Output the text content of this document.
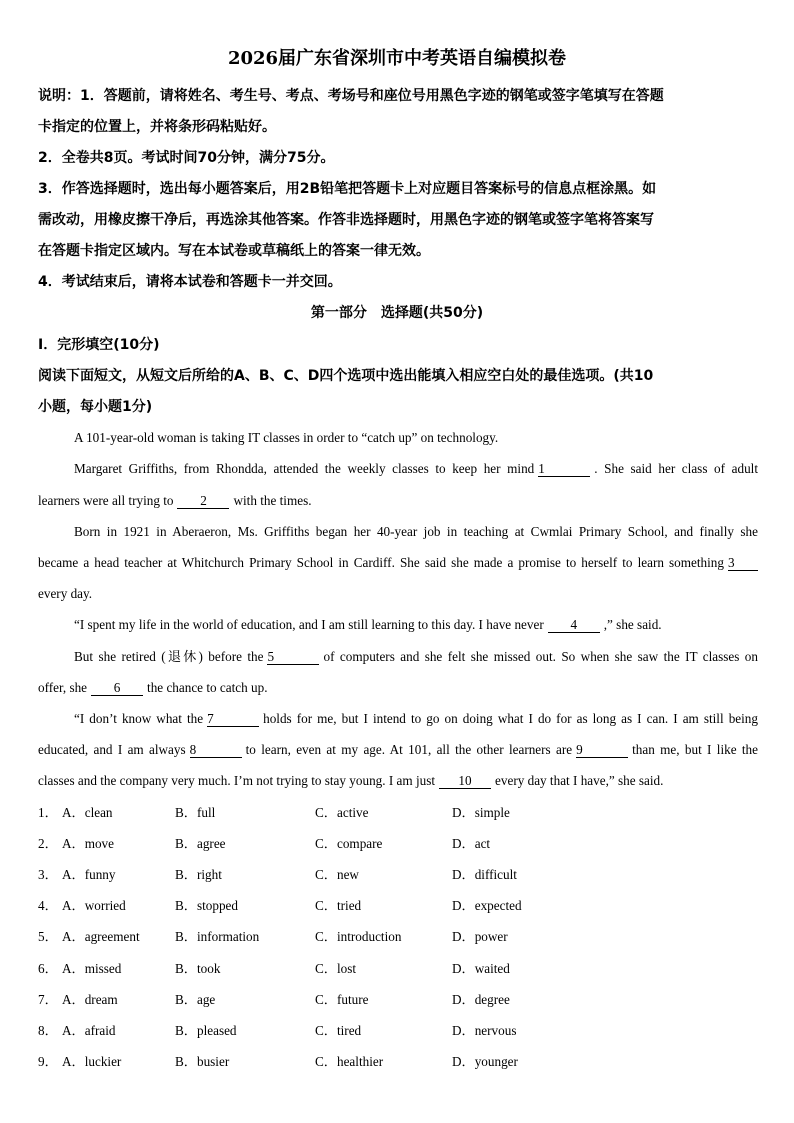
2026届广东省深圳市中考英语自编模拟卷
说明：1．答题前，请将姓名、考生号、考点、考场号和座位号用黑色字迹的钢笔或签字笔填写在答题
卡指定的位置上，并将条形码粘贴好。
2．全卷共8页。考试时间70分钟，满分75分。
3．作答选择题时，选出每小题答案后，用2B铅笔把答题卡上对应题目答案标号的信息点框涂黑。如
需改动，用橡皮擦干净后，再选涂其他答案。作答非选择题时，用黑色字迹的钢笔或签字笔将答案写
在答题卡指定区域内。写在本试卷或草稿纸上的答案一律无效。
4．考试结束后，请将本试卷和答题卡一并交回。
第一部分　选择题(共50分)
Ⅰ．完形填空(10分)
阅读下面短文，从短文后所给的A、B、C、D四个选项中选出能填入相应空白处的最佳选项。(共10
小题，每小题1分)
A 101-year-old woman is taking IT classes in order to “catch up” on technology.
Margaret Griffiths, from Rhondda, attended the weekly classes to keep her mind 1	. She said her class of adult
learners were all trying to 2 with the times.
Born in 1921 in Aberaeron, Ms. Griffiths began her 40-year job in teaching at Cwmlai Primary School, and finally she
became a head teacher at Whitchurch Primary School in Cardiff. She said she made a promise to herself to learn something 3
every day.
“I spent my life in the world of education, and I am still learning to this day. I have never 4 ,” she said.
But she retired (退休) before the 5	of computers and she felt she missed out. So when she saw the IT classes on
offer, she 6 the chance to catch up.
“I don’t know what the 7	holds for me, but I intend to go on doing what I do for as long as I can. I am still being
educated, and I am always 8	to learn, even at my age. At 101, all the other learners are 9	than me, but I like the
classes and the company very much. I’m not trying to stay young. I am just 10 every day that I have,” she said.
1． A．clean	B．full	C．active	D．simple
2． A．move	B．agree	C．compare	D．act
3． A．funny	B．right	C．new	D．difficult
4． A．worried	B．stopped	C．tried	D．expected
5． A．agreement	B．information	C．introduction	D．power
6． A．missed	B．took	C．lost	D．waited
7． A．dream	B．age	C．future	D．degree
8． A．afraid	B．pleased	C．tired	D．nervous
9． A．luckier	B．busier	C．healthier	D．younger
